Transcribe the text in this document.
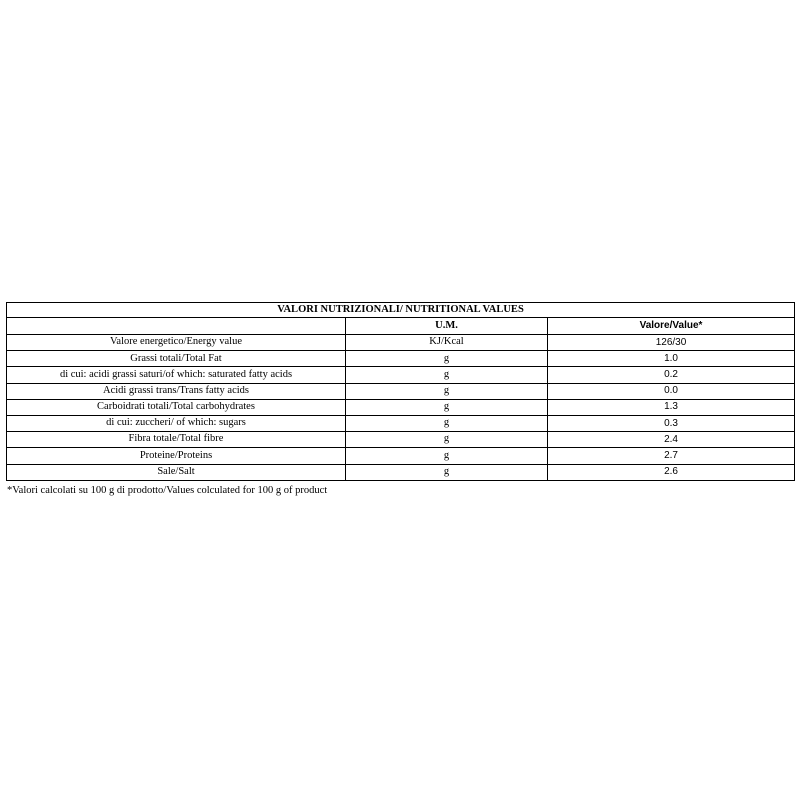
VALORI NUTRIZIONALI/ NUTRITIONAL VALUES		
	U.M.	Valore/Value*
Valore energetico/Energy value	KJ/Kcal	126/30
Grassi totali/Total Fat	g	1.0
di cui: acidi grassi saturi/of which: saturated fatty acids	g	0.2
Acidi grassi trans/Trans fatty acids	g	0.0
Carboidrati totali/Total carbohydrates	g	1.3
di cui: zuccheri/ of which: sugars	g	0.3
Fibra totale/Total fibre	g	2.4
Proteine/Proteins	g	2.7
Sale/Salt	g	2.6
*Valori calcolati su 100 g di prodotto/Values colculated for 100 g of product
